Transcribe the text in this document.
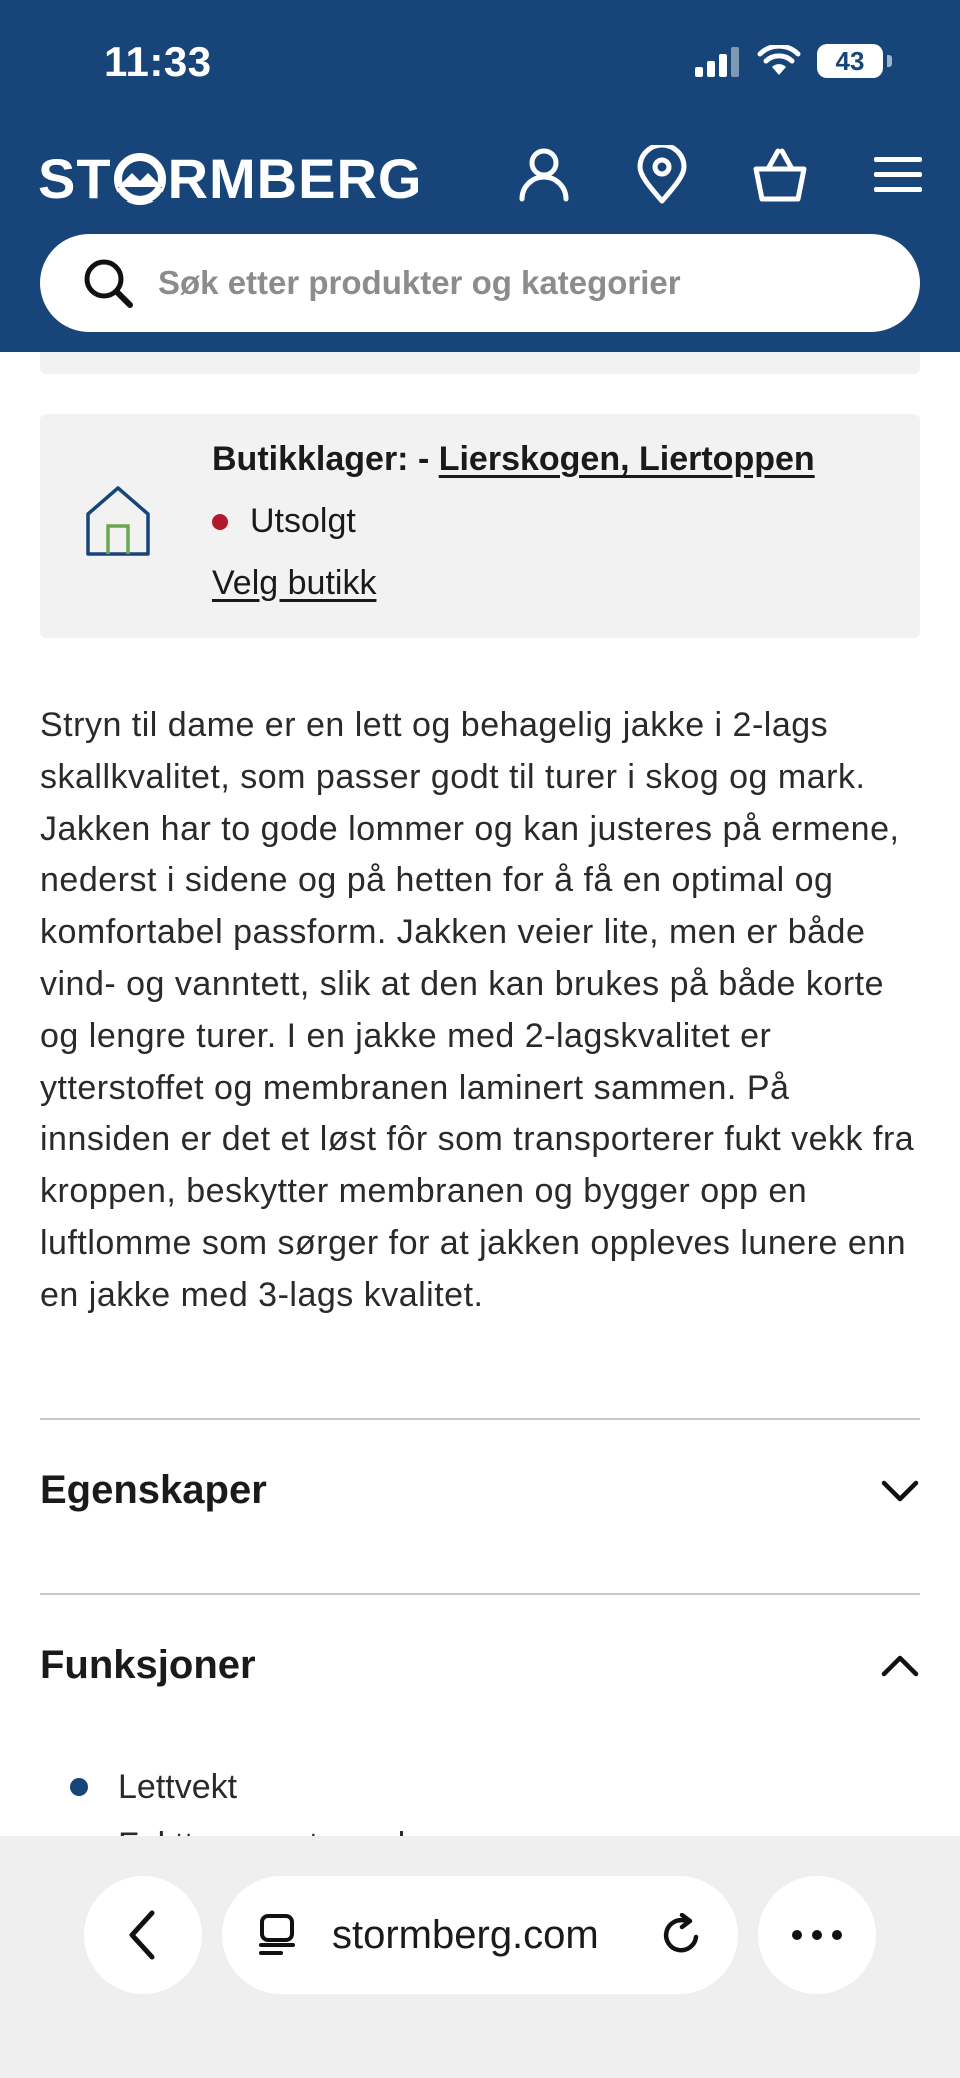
11:33	43
ST RMBERG
Søk etter produkter og kategorier
Butikklager: - Lierskogen, Liertoppen
Utsolgt
Velg butikk

Stryn til dame er en lett og behagelig jakke i 2-lags skallkvalitet, som passer godt til turer i skog og mark. Jakken har to gode lommer og kan justeres på ermene, nederst i sidene og på hetten for å få en optimal og komfortabel passform. Jakken veier lite, men er både vind- og vanntett, slik at den kan brukes på både korte og lengre turer. I en jakke med 2-lagskvalitet er ytterstoffet og membranen laminert sammen. På innsiden er det et løst fôr som transporterer fukt vekk fra kroppen, beskytter membranen og bygger opp en luftlomme som sørger for at jakken oppleves lunere enn en jakke med 3-lags kvalitet.

Egenskaper
Funksjoner
Lettvekt
stormberg.com
